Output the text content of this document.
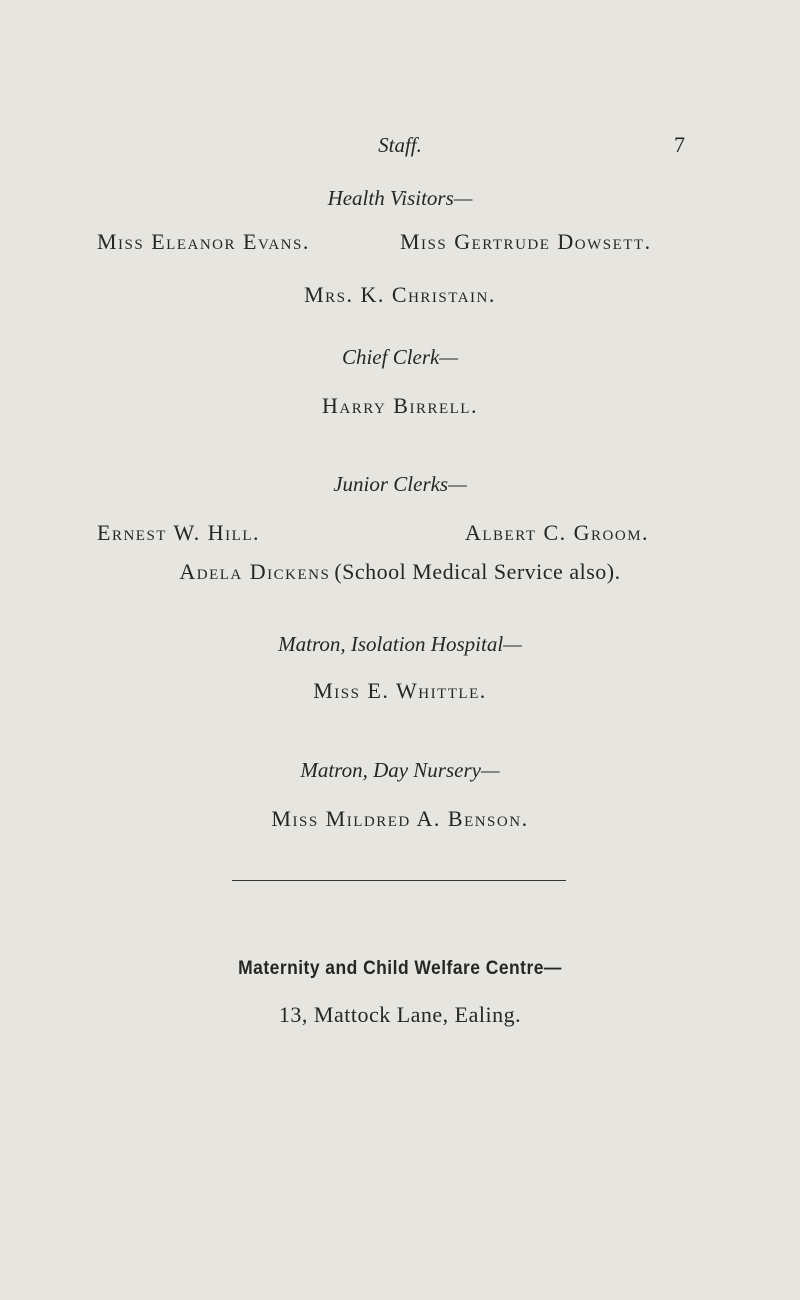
Staff.	7
Health Visitors—
Miss Eleanor Evans.	Miss Gertrude Dowsett.
Mrs. K. Christain.
Chief Clerk—
Harry Birrell.
Junior Clerks—
Ernest W. Hill.	Albert C. Groom.
Adela Dickens (School Medical Service also).
Matron, Isolation Hospital—
Miss E. Whittle.
Matron, Day Nursery—
Miss Mildred A. Benson.
Maternity and Child Welfare Centre—
13, Mattock Lane, Ealing.
